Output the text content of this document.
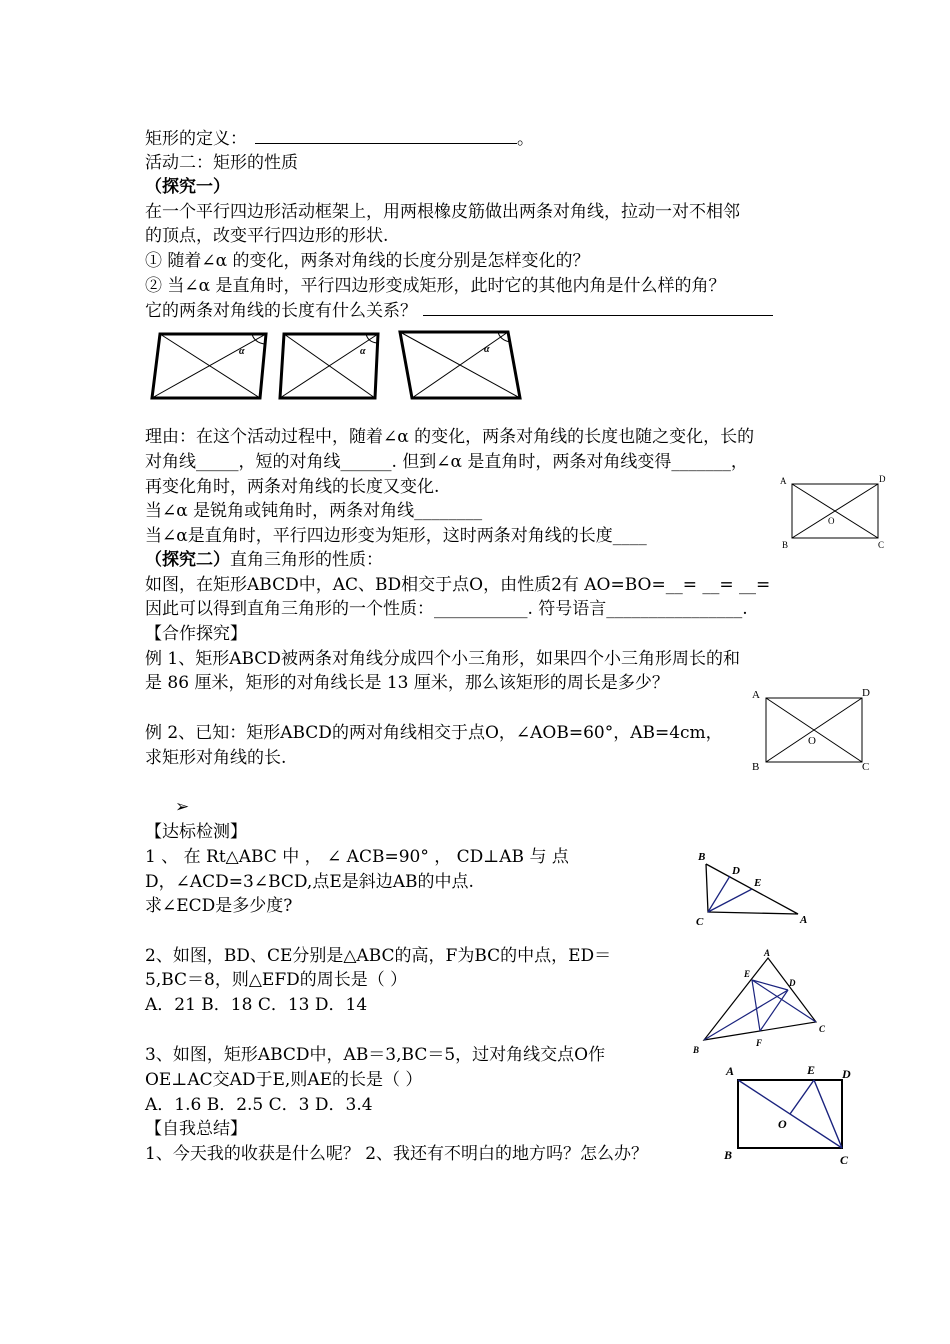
矩形的定义：	。
活动二：矩形的性质
（探究一）
在一个平行四边形活动框架上，用两根橡皮筋做出两条对角线，拉动一对不相邻
的顶点，改变平行四边形的形状.
① 随着∠α 的变化，两条对角线的长度分别是怎样变化的？
② 当∠α 是直角时，平行四边形变成矩形，此时它的其他内角是什么样的角？
它的两条对角线的长度有什么关系？
α	α	α
理由：在这个活动过程中，随着∠α 的变化，两条对角线的长度也随之变化，长的
对角线_____，短的对角线______. 但到∠α 是直角时，两条对角线变得_______，
再变化角时，两条对角线的长度又变化.
当∠α 是锐角或钝角时，两条对角线________
当∠α是直角时，平行四边形变为矩形，这时两条对角线的长度____
A	D
B	C
O
（探究二）直角三角形的性质：
如图，在矩形ABCD中，AC、BD相交于点O，由性质2有 AO=BO=__= __= __=
因此可以得到直角三角形的一个性质：___________. 符号语言________________.
【合作探究】
例 1、矩形ABCD被两条对角线分成四个小三角形，如果四个小三角形周长的和
是 86 厘米，矩形的对角线长是 13 厘米，那么该矩形的周长是多少？
A	D
B	C
O
例 2、已知：矩形ABCD的两对角线相交于点O，∠AOB=60°，AB=4cm，
求矩形对角线的长.
➢
【达标检测】
1 、 在 Rt△ABC 中 ， ∠ ACB=90° ， CD⊥AB 与 点
D，∠ACD=3∠BCD,点E是斜边AB的中点.
求∠ECD是多少度?
B
D
E
C	A
2、如图，BD、CE分别是△ABC的高，F为BC的中点，ED＝
5,BC＝8，则△EFD的周长是（ ）
A．21 B．18 C．13 D．14
A
E
D
B
F
C
3、如图，矩形ABCD中，AB＝3,BC＝5，过对角线交点O作
OE⊥AC交AD于E,则AE的长是（ ）
A．1.6 B．2.5 C．3 D．3.4
【自我总结】
1、今天我的收获是什么呢？ 2、我还有不明白的地方吗？怎么办？
A	E D
O
B	C
